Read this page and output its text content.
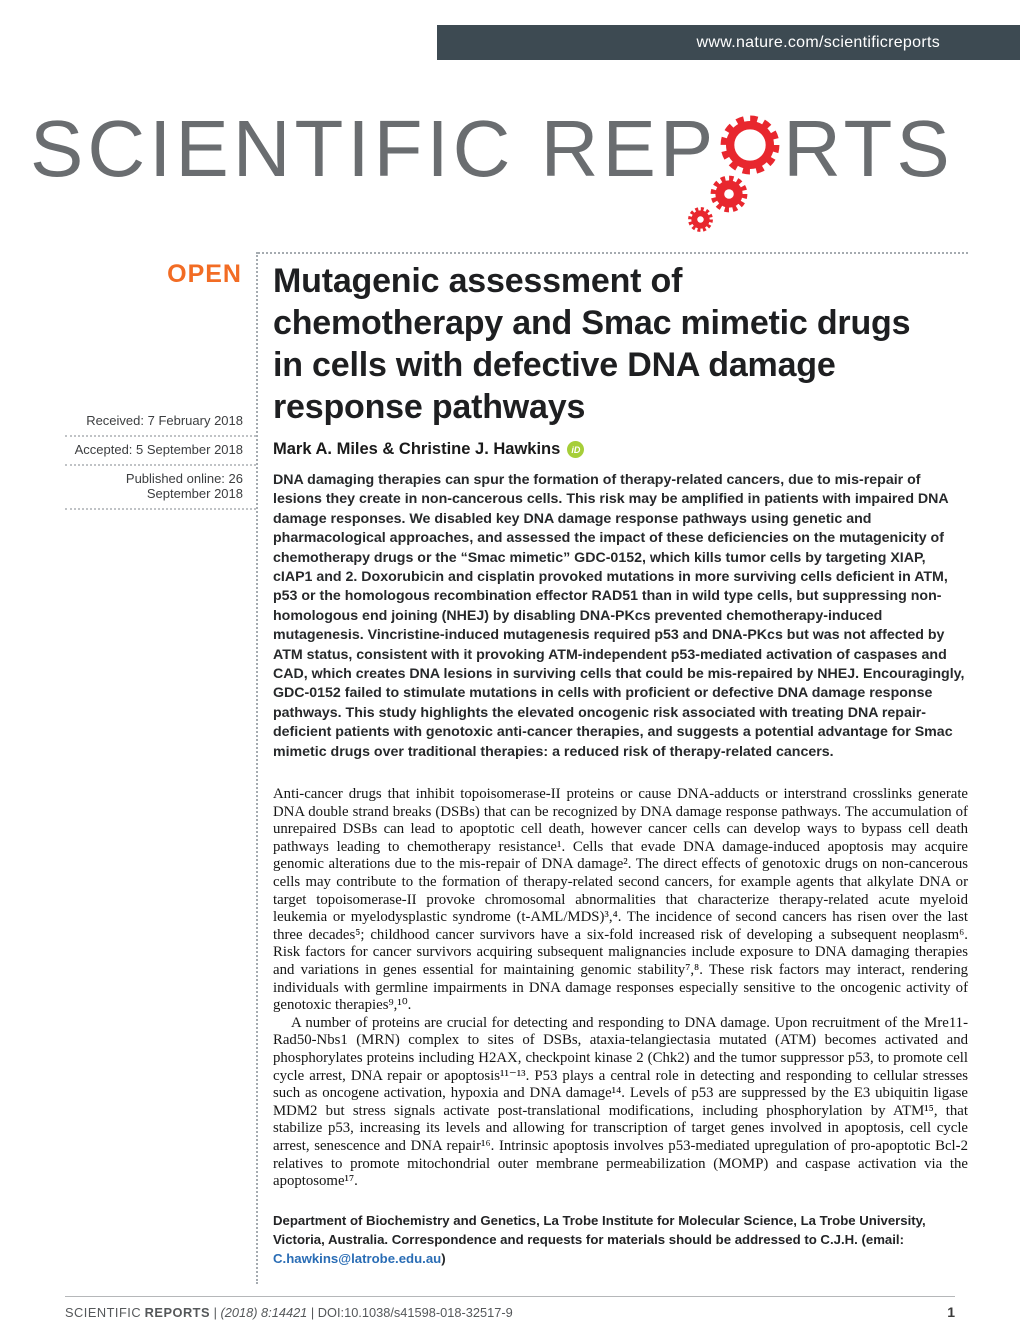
www.nature.com/scientificreports
SCIENTIFIC REP RTS
OPEN
Received: 7 February 2018
Accepted: 5 September 2018
Published online: 26 September 2018
Mutagenic assessment of chemotherapy and Smac mimetic drugs in cells with defective DNA damage response pathways
Mark A. Miles & Christine J. Hawkins iD

DNA damaging therapies can spur the formation of therapy-related cancers, due to mis-repair of lesions they create in non-cancerous cells. This risk may be amplified in patients with impaired DNA damage responses. We disabled key DNA damage response pathways using genetic and pharmacological approaches, and assessed the impact of these deficiencies on the mutagenicity of chemotherapy drugs or the “Smac mimetic” GDC-0152, which kills tumor cells by targeting XIAP, cIAP1 and 2. Doxorubicin and cisplatin provoked mutations in more surviving cells deficient in ATM, p53 or the homologous recombination effector RAD51 than in wild type cells, but suppressing non-homologous end joining (NHEJ) by disabling DNA-PKcs prevented chemotherapy-induced mutagenesis. Vincristine-induced mutagenesis required p53 and DNA-PKcs but was not affected by ATM status, consistent with it provoking ATM-independent p53-mediated activation of caspases and CAD, which creates DNA lesions in surviving cells that could be mis-repaired by NHEJ. Encouragingly, GDC-0152 failed to stimulate mutations in cells with proficient or defective DNA damage response pathways. This study highlights the elevated oncogenic risk associated with treating DNA repair-deficient patients with genotoxic anti-cancer therapies, and suggests a potential advantage for Smac mimetic drugs over traditional therapies: a reduced risk of therapy-related cancers.

Anti-cancer drugs that inhibit topoisomerase-II proteins or cause DNA-adducts or interstrand crosslinks generate DNA double strand breaks (DSBs) that can be recognized by DNA damage response pathways. The accumulation of unrepaired DSBs can lead to apoptotic cell death, however cancer cells can develop ways to bypass cell death pathways leading to chemotherapy resistance¹. Cells that evade DNA damage-induced apoptosis may acquire genomic alterations due to the mis-repair of DNA damage². The direct effects of genotoxic drugs on non-cancerous cells may contribute to the formation of therapy-related second cancers, for example agents that alkylate DNA or target topoisomerase-II provoke chromosomal abnormalities that characterize therapy-related acute myeloid leukemia or myelodysplastic syndrome (t-AML/MDS)³,⁴. The incidence of second cancers has risen over the last three decades⁵; childhood cancer survivors have a six-fold increased risk of developing a subsequent neoplasm⁶. Risk factors for cancer survivors acquiring subsequent malignancies include exposure to DNA damaging therapies and variations in genes essential for maintaining genomic stability⁷,⁸. These risk factors may interact, rendering individuals with germline impairments in DNA damage responses especially sensitive to the oncogenic activity of genotoxic therapies⁹,¹⁰.

A number of proteins are crucial for detecting and responding to DNA damage. Upon recruitment of the Mre11-Rad50-Nbs1 (MRN) complex to sites of DSBs, ataxia-telangiectasia mutated (ATM) becomes activated and phosphorylates proteins including H2AX, checkpoint kinase 2 (Chk2) and the tumor suppressor p53, to promote cell cycle arrest, DNA repair or apoptosis¹¹⁻¹³. P53 plays a central role in detecting and responding to cellular stresses such as oncogene activation, hypoxia and DNA damage¹⁴. Levels of p53 are suppressed by the E3 ubiquitin ligase MDM2 but stress signals activate post-translational modifications, including phosphorylation by ATM¹⁵, that stabilize p53, increasing its levels and allowing for transcription of target genes involved in apoptosis, cell cycle arrest, senescence and DNA repair¹⁶. Intrinsic apoptosis involves p53-mediated upregulation of pro-apoptotic Bcl-2 relatives to promote mitochondrial outer membrane permeabilization (MOMP) and caspase activation via the apoptosome¹⁷.

Department of Biochemistry and Genetics, La Trobe Institute for Molecular Science, La Trobe University, Victoria, Australia. Correspondence and requests for materials should be addressed to C.J.H. (email: C.hawkins@latrobe.edu.au)

SCIENTIFIC REPORTS | (2018) 8:14421 | DOI:10.1038/s41598-018-32517-9	1
